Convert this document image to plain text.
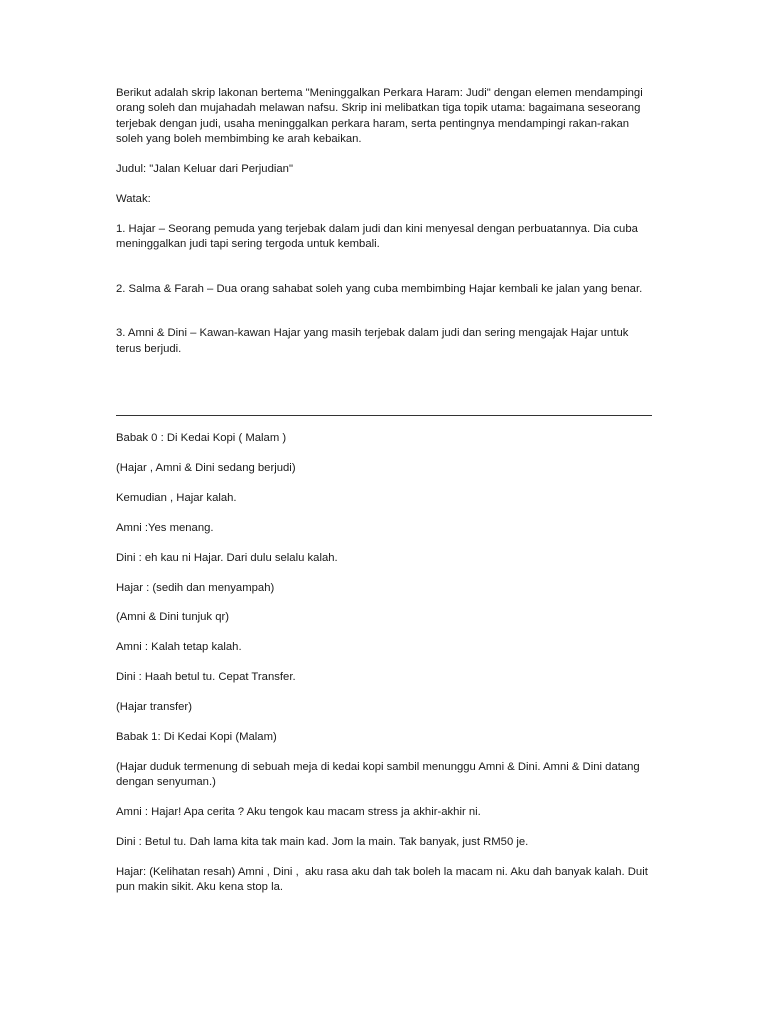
Berikut adalah skrip lakonan bertema "Meninggalkan Perkara Haram: Judi" dengan elemen mendampingi orang soleh dan mujahadah melawan nafsu. Skrip ini melibatkan tiga topik utama: bagaimana seseorang terjebak dengan judi, usaha meninggalkan perkara haram, serta pentingnya mendampingi rakan-rakan soleh yang boleh membimbing ke arah kebaikan.

Judul: "Jalan Keluar dari Perjudian"

Watak:

1. Hajar – Seorang pemuda yang terjebak dalam judi dan kini menyesal dengan perbuatannya. Dia cuba meninggalkan judi tapi sering tergoda untuk kembali.

2. Salma & Farah – Dua orang sahabat soleh yang cuba membimbing Hajar kembali ke jalan yang benar.

3. Amni & Dini – Kawan-kawan Hajar yang masih terjebak dalam judi dan sering mengajak Hajar untuk terus berjudi.

Babak 0 : Di Kedai Kopi ( Malam )

(Hajar , Amni & Dini sedang berjudi)

Kemudian , Hajar kalah.

Amni :Yes menang.

Dini : eh kau ni Hajar. Dari dulu selalu kalah.

Hajar : (sedih dan menyampah)

(Amni & Dini tunjuk qr)

Amni : Kalah tetap kalah.

Dini : Haah betul tu. Cepat Transfer.

(Hajar transfer)

Babak 1: Di Kedai Kopi (Malam)

(Hajar duduk termenung di sebuah meja di kedai kopi sambil menunggu Amni & Dini. Amni & Dini datang dengan senyuman.)

Amni : Hajar! Apa cerita ? Aku tengok kau macam stress ja akhir-akhir ni.

Dini : Betul tu. Dah lama kita tak main kad. Jom la main. Tak banyak, just RM50 je.

Hajar: (Kelihatan resah) Amni , Dini ,  aku rasa aku dah tak boleh la macam ni. Aku dah banyak kalah. Duit pun makin sikit. Aku kena stop la.
